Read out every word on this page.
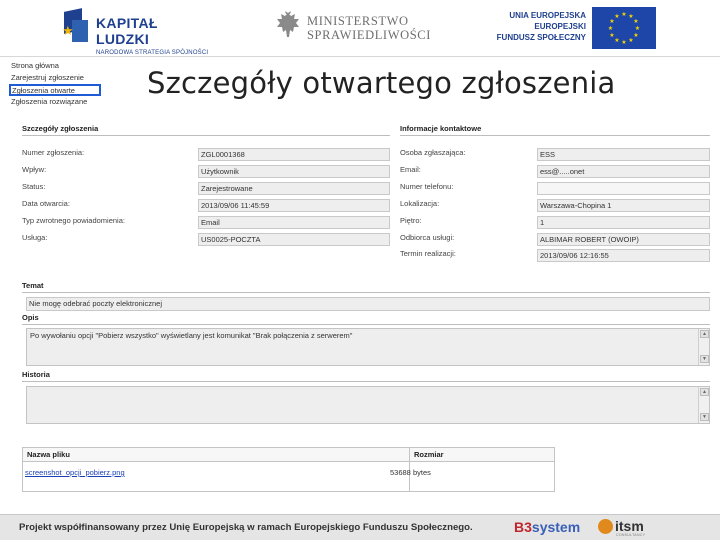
★ KAPITAŁ LUDZKI
NARODOWA STRATEGIA SPÓJNOŚCI
MINISTERSTWO
SPRAWIEDLIWOŚCI
UNIA EUROPEJSKA
EUROPEJSKI
FUNDUSZ SPOŁECZNY
★ ★
★
★
★
★
★
★
★
★
★
★
Strona główna
Zarejestruj zgłoszenie
Zgłoszenia otwarte
Zgłoszenia rozwiązane
Szczegóły otwartego zgłoszenia
Szczegóły zgłoszenia
Numer zgłoszenia:	ZGL0001368
Wpływ:	Użytkownik
Status:	Zarejestrowane
Data otwarcia:	2013/09/06 11:45:59
Typ zwrotnego powiadomienia:	Email
Usługa:	US0025-POCZTA
Informacje kontaktowe
Osoba zgłaszająca:	ESS
Email:	ess@.....onet
Numer telefonu:
Lokalizacja:	Warszawa-Chopina 1
Piętro:	1
Odbiorca usługi:	ALBIMAR ROBERT (OWOIP)
Termin realizacji:	2013/09/06 12:16:55
Temat
Nie mogę odebrać poczty elektronicznej
Opis
Po wywołaniu opcji "Pobierz wszystko" wyświetlany jest komunikat "Brak połączenia z serwerem"	▲
▼
Historia
▲
▼
Nazwa pliku	Rozmiar
screenshot_opcji_pobierz.png	53688 bytes
Projekt współfinansowany przez Unię Europejską w ramach Europejskiego Funduszu Społecznego.	B3system itsm
CONSULTANCY
